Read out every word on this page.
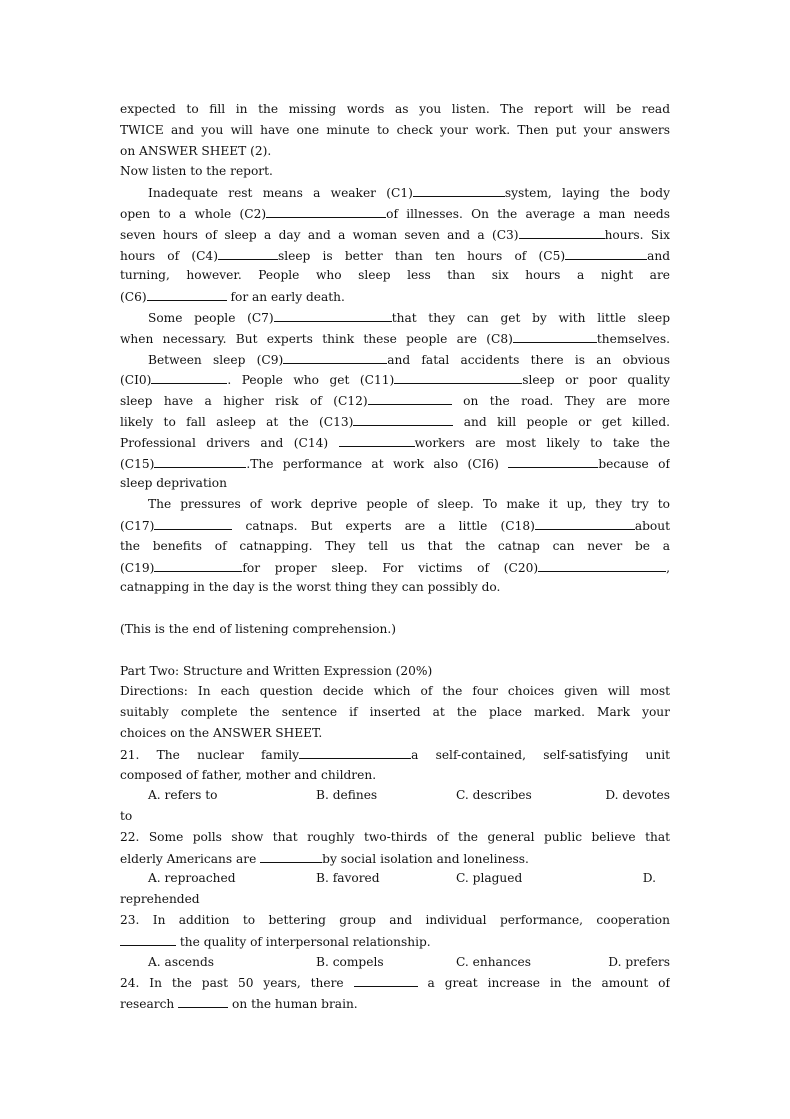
expected to fill in the missing words as you listen. The report will be read
TWICE and you will have one minute to check your work. Then put your answers
on ANSWER SHEET (2).
Now listen to the report.
Inadequate rest means a weaker (C1)	system, laying the body
open to a whole (C2)	of illnesses. On the average a man needs
seven hours of sleep a day and a woman seven and a (C3)	hours. Six
hours of (C4)	sleep is better than ten hours of (C5)	and
turning, however. People who sleep less than six hours a night are
(C6)	for an early death.
Some people (C7)	that they can get by with little sleep
when necessary. But experts think these people are (C8)	themselves.
Between sleep (C9)	and fatal accidents there is an obvious
(CI0)	. People who get (C11)	sleep or poor quality
sleep have a higher risk of (C12)	on the road. They are more
likely to fall asleep at the (C13)	and kill people or get killed.
Professional drivers and (C14)	workers are most likely to take the
(C15)	.The performance at work also (CI6)	because of
sleep deprivation
The pressures of work deprive people of sleep. To make it up, they try to
(C17)	catnaps. But experts are a little (C18)	about
the benefits of catnapping. They tell us that the catnap can never be a
(C19)	for proper sleep. For victims of (C20)	,
catnapping in the day is the worst thing they can possibly do.
(This is the end of listening comprehension.)
Part Two: Structure and Written Expression (20%)
Directions: In each question decide which of the four choices given will most
suitably complete the sentence if inserted at the place marked. Mark your
choices on the ANSWER SHEET.
21. The nuclear family	a self-contained, self-satisfying unit
composed of father, mother and children.
A. refers to	B. defines	C. describes	D. devotes
to
22. Some polls show that roughly two-thirds of the general public believe that
elderly Americans are	by social isolation and loneliness.
A. reproached	B. favored	C. plagued	D.
reprehended
23. In addition to bettering group and individual performance, cooperation
the quality of interpersonal relationship.
A. ascends	B. compels	C. enhances	D. prefers
24. In the past 50 years, there	a great increase in the amount of
research	on the human brain.
